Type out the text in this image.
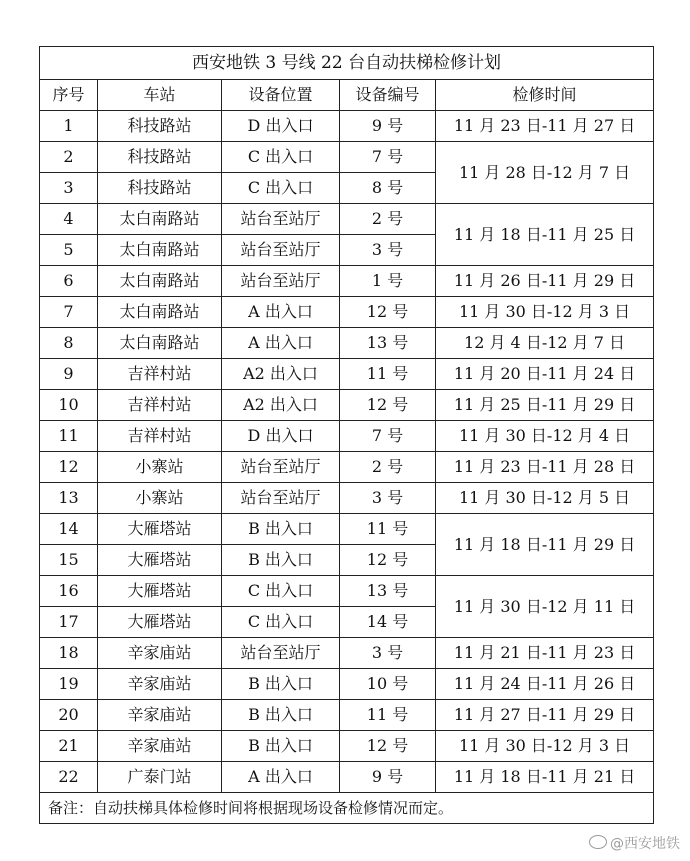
西安地铁 3 号线 22 台自动扶梯检修计划				
序号	车站	设备位置	设备编号	检修时间
1	科技路站	D 出入口	9 号	11 月 23 日-11 月 27 日
2	科技路站	C 出入口	7 号	11 月 28 日-12 月 7 日
3	科技路站	C 出入口	8 号	
4	太白南路站	站台至站厅	2 号	11 月 18 日-11 月 25 日
5	太白南路站	站台至站厅	3 号	
6	太白南路站	站台至站厅	1 号	11 月 26 日-11 月 29 日
7	太白南路站	A 出入口	12 号	11 月 30 日-12 月 3 日
8	太白南路站	A 出入口	13 号	12 月 4 日-12 月 7 日
9	吉祥村站	A2 出入口	11 号	11 月 20 日-11 月 24 日
10	吉祥村站	A2 出入口	12 号	11 月 25 日-11 月 29 日
11	吉祥村站	D 出入口	7 号	11 月 30 日-12 月 4 日
12	小寨站	站台至站厅	2 号	11 月 23 日-11 月 28 日
13	小寨站	站台至站厅	3 号	11 月 30 日-12 月 5 日
14	大雁塔站	B 出入口	11 号	11 月 18 日-11 月 29 日
15	大雁塔站	B 出入口	12 号	
16	大雁塔站	C 出入口	13 号	11 月 30 日-12 月 11 日
17	大雁塔站	C 出入口	14 号	
18	辛家庙站	站台至站厅	3 号	11 月 21 日-11 月 23 日
19	辛家庙站	B 出入口	10 号	11 月 24 日-11 月 26 日
20	辛家庙站	B 出入口	11 号	11 月 27 日-11 月 29 日
21	辛家庙站	B 出入口	12 号	11 月 30 日-12 月 3 日
22	广泰门站	A 出入口	9 号	11 月 18 日-11 月 21 日
备注：自动扶梯具体检修时间将根据现场设备检修情况而定。				
@西安地铁
